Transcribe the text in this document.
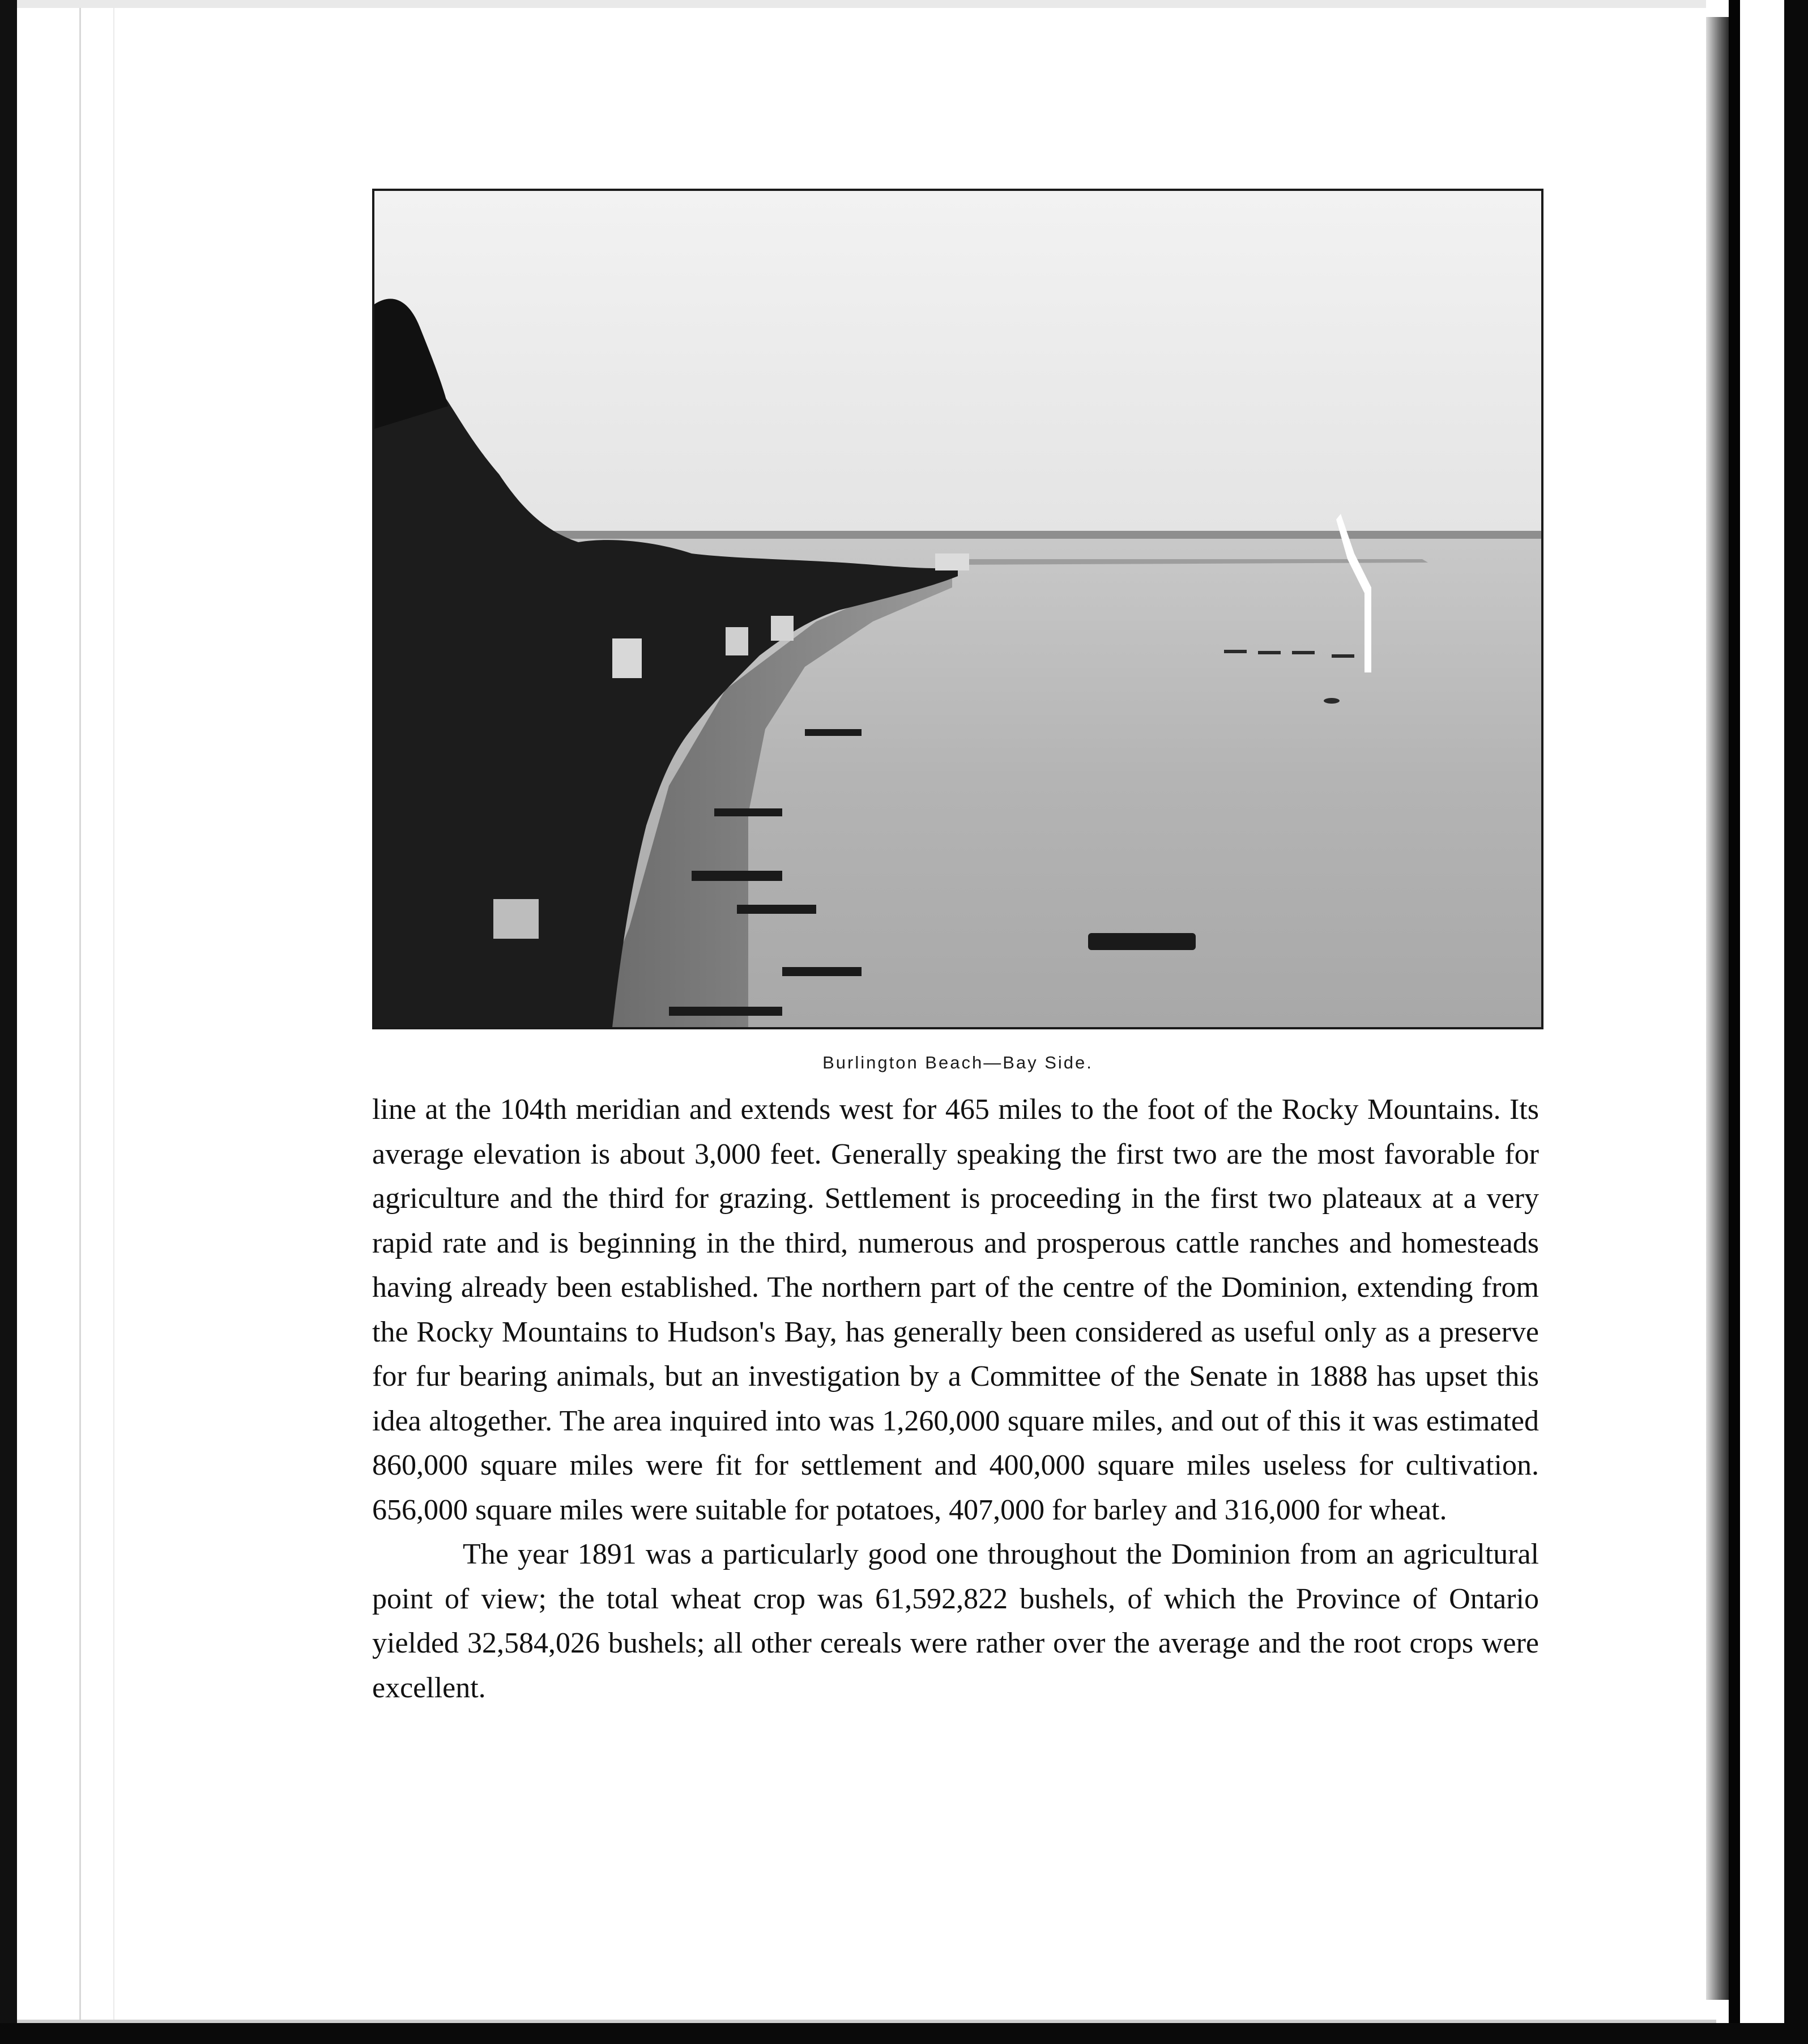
Burlington Beach—Bay Side.

line at the 104th meridian and extends west for 465 miles to the foot of the Rocky Mountains. Its average elevation is about 3,000 feet. Generally speaking the first two are the most favorable for agriculture and the third for grazing. Settlement is proceeding in the first two plateaux at a very rapid rate and is beginning in the third, numerous and prosperous cattle ranches and homesteads having already been established. The northern part of the centre of the Dominion, extending from the Rocky Mountains to Hudson's Bay, has generally been considered as useful only as a preserve for fur bearing animals, but an investigation by a Committee of the Senate in 1888 has upset this idea altogether. The area inquired into was 1,260,000 square miles, and out of this it was estimated 860,000 square miles were fit for settlement and 400,000 square miles useless for cultivation. 656,000 square miles were suitable for potatoes, 407,000 for barley and 316,000 for wheat.

The year 1891 was a particularly good one throughout the Dominion from an agricultural point of view; the total wheat crop was 61,592,822 bushels, of which the Province of Ontario yielded 32,584,026 bushels; all other cereals were rather over the average and the root crops were excellent.
